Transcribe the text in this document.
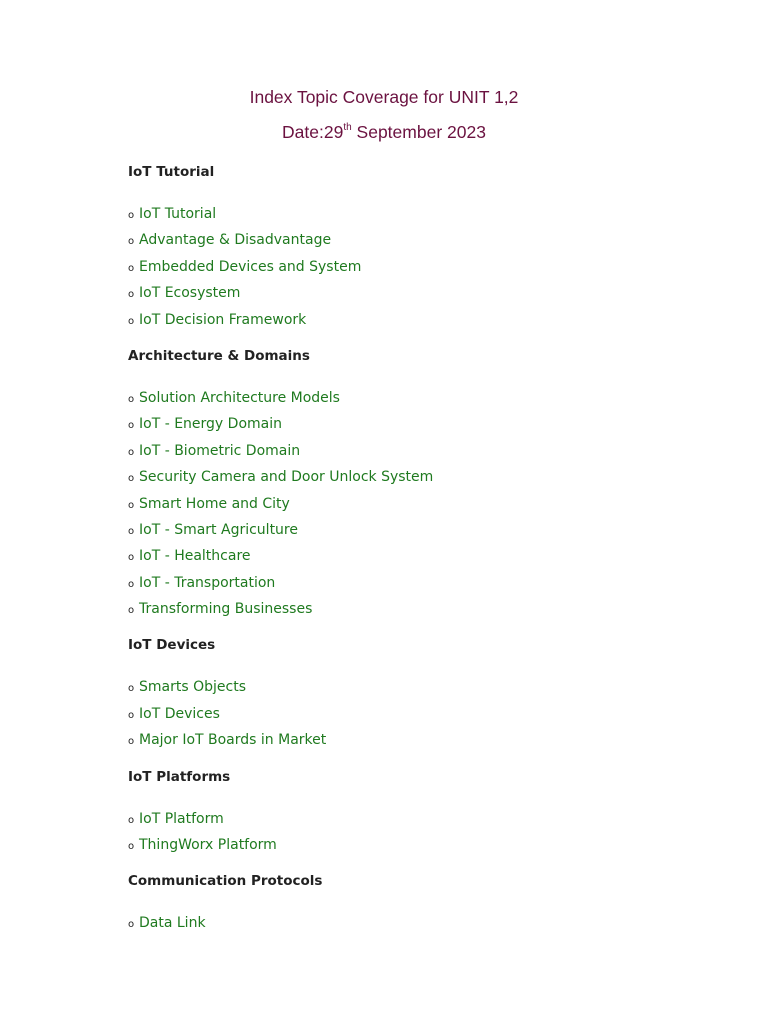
Index Topic Coverage for UNIT 1,2
Date:29th September 2023
IoT Tutorial
oIoT Tutorial
oAdvantage & Disadvantage
oEmbedded Devices and System
oIoT Ecosystem
oIoT Decision Framework
Architecture & Domains
oSolution Architecture Models
oIoT - Energy Domain
oIoT - Biometric Domain
oSecurity Camera and Door Unlock System
oSmart Home and City
oIoT - Smart Agriculture
oIoT - Healthcare
oIoT - Transportation
oTransforming Businesses
IoT Devices
oSmarts Objects
oIoT Devices
oMajor IoT Boards in Market
IoT Platforms
oIoT Platform
oThingWorx Platform
Communication Protocols
oData Link
